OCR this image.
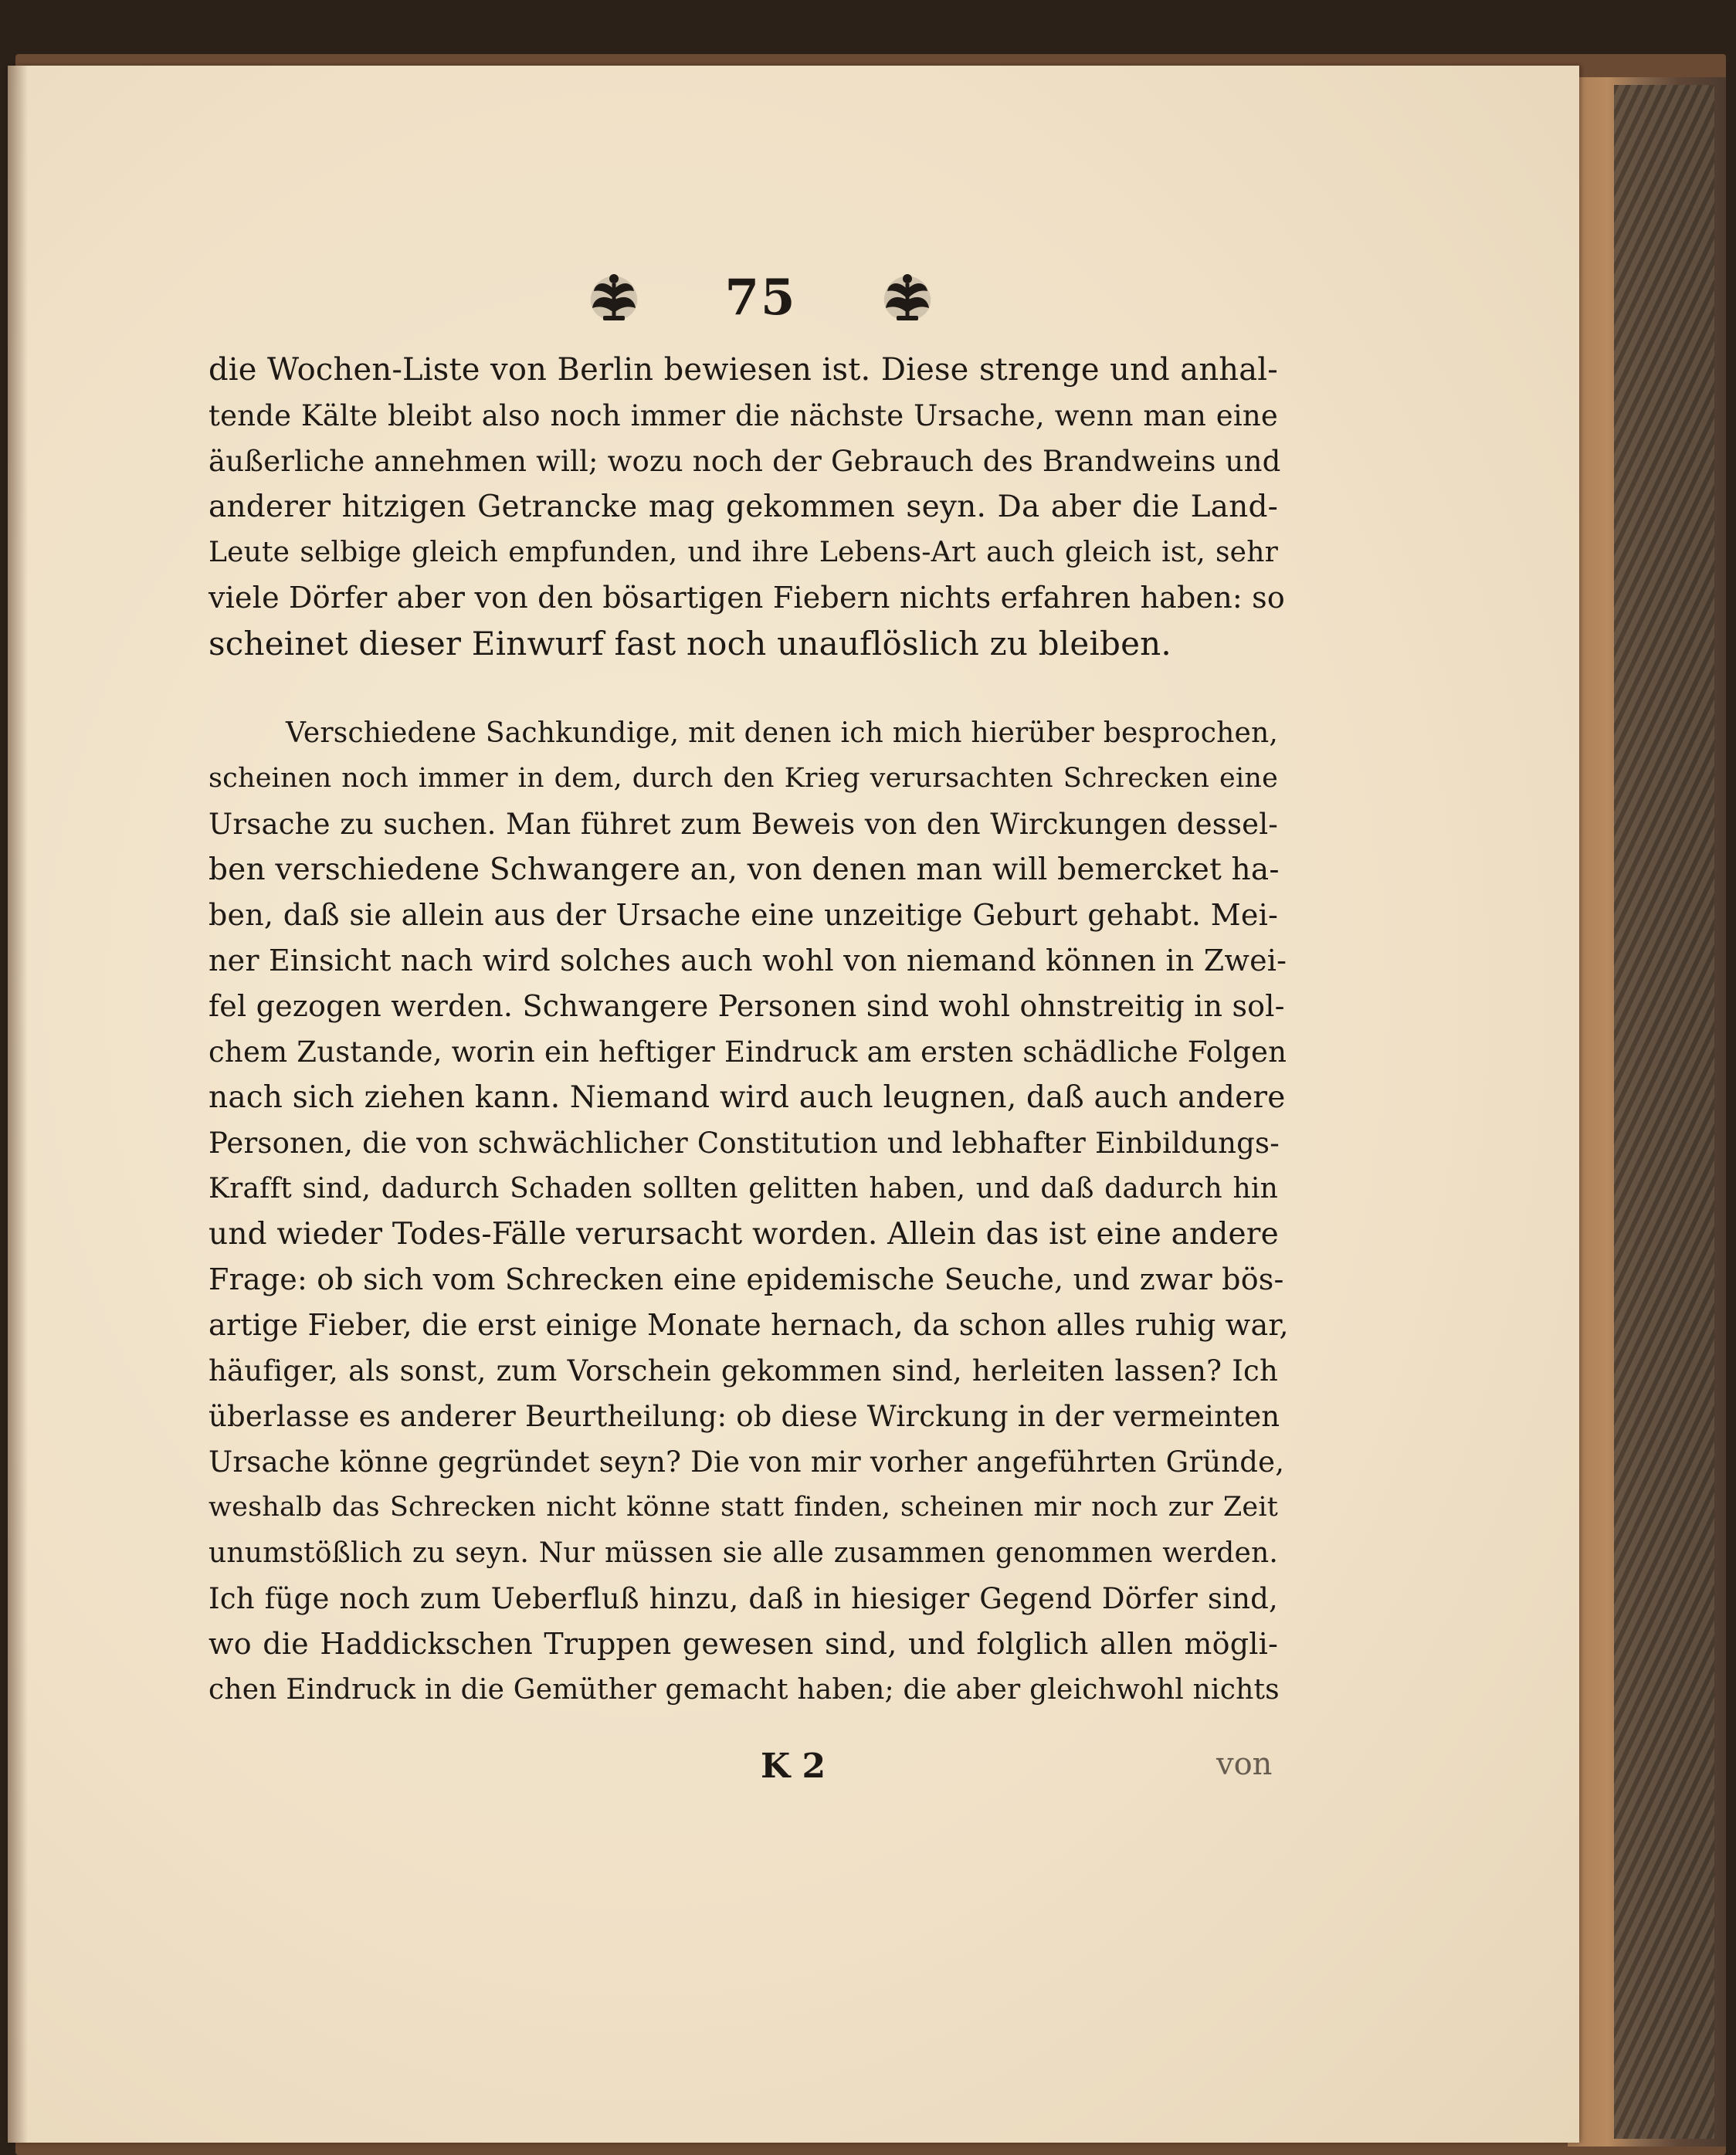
75
die Wochen-Liste von Berlin bewiesen ist. Diese strenge und anhal-
tende Kälte bleibt also noch immer die nächste Ursache, wenn man eine
äußerliche annehmen will; wozu noch der Gebrauch des Brandweins und
anderer hitzigen Getrancke mag gekommen seyn. Da aber die Land-
Leute selbige gleich empfunden, und ihre Lebens-Art auch gleich ist, sehr
viele Dörfer aber von den bösartigen Fiebern nichts erfahren haben: so
scheinet dieser Einwurf fast noch unauflöslich zu bleiben.
Verschiedene Sachkundige, mit denen ich mich hierüber besprochen,
scheinen noch immer in dem, durch den Krieg verursachten Schrecken eine
Ursache zu suchen. Man führet zum Beweis von den Wirckungen dessel-
ben verschiedene Schwangere an, von denen man will bemercket ha-
ben, daß sie allein aus der Ursache eine unzeitige Geburt gehabt. Mei-
ner Einsicht nach wird solches auch wohl von niemand können in Zwei-
fel gezogen werden. Schwangere Personen sind wohl ohnstreitig in sol-
chem Zustande, worin ein heftiger Eindruck am ersten schädliche Folgen
nach sich ziehen kann. Niemand wird auch leugnen, daß auch andere
Personen, die von schwächlicher Constitution und lebhafter Einbildungs-
Krafft sind, dadurch Schaden sollten gelitten haben, und daß dadurch hin
und wieder Todes-Fälle verursacht worden. Allein das ist eine andere
Frage: ob sich vom Schrecken eine epidemische Seuche, und zwar bös-
artige Fieber, die erst einige Monate hernach, da schon alles ruhig war,
häufiger, als sonst, zum Vorschein gekommen sind, herleiten lassen? Ich
überlasse es anderer Beurtheilung: ob diese Wirckung in der vermeinten
Ursache könne gegründet seyn? Die von mir vorher angeführten Gründe,
weshalb das Schrecken nicht könne statt finden, scheinen mir noch zur Zeit
unumstößlich zu seyn. Nur müssen sie alle zusammen genommen werden.
Ich füge noch zum Ueberfluß hinzu, daß in hiesiger Gegend Dörfer sind,
wo die Haddickschen Truppen gewesen sind, und folglich allen mögli-
chen Eindruck in die Gemüther gemacht haben; die aber gleichwohl nichts
K 2	von
